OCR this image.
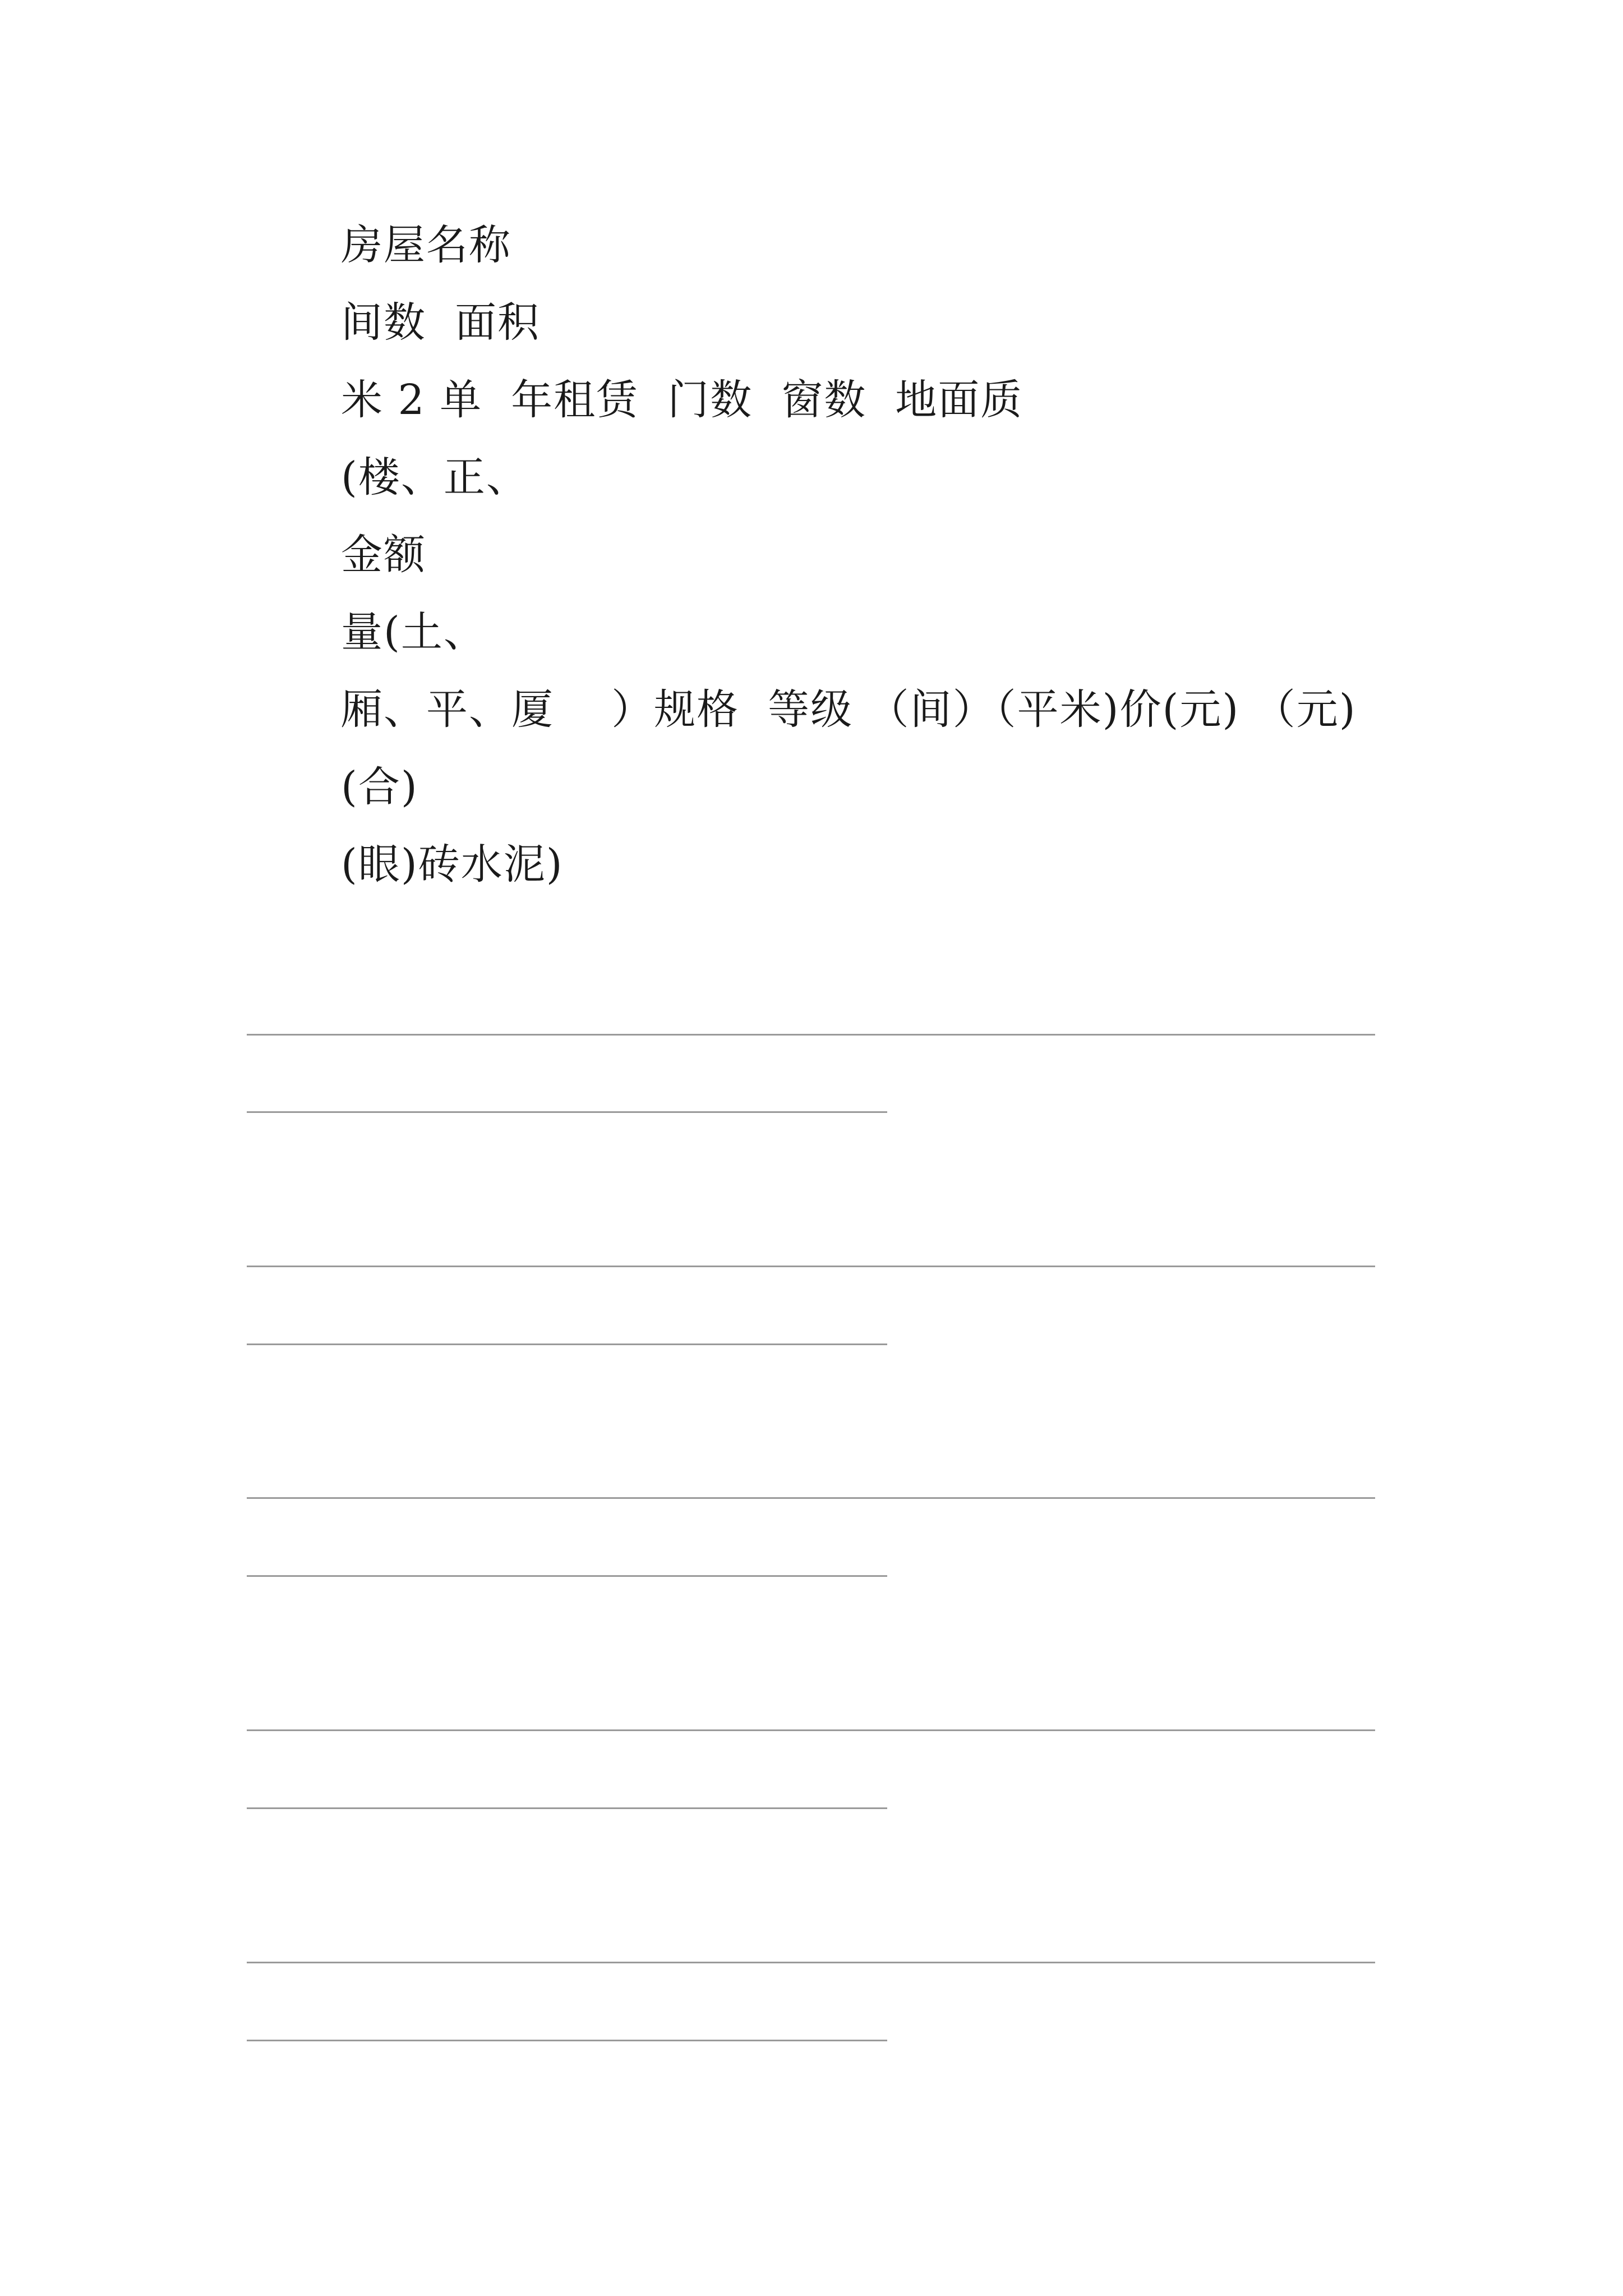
房屋名称
间数  面积
米 2 单  年租赁  门数  窗数  地面质
(楼、正、
金额
量(土、
厢、平、厦    ）规格  等级 （间）（平米)价(元) （元)
(合)
(眼)砖水泥)
